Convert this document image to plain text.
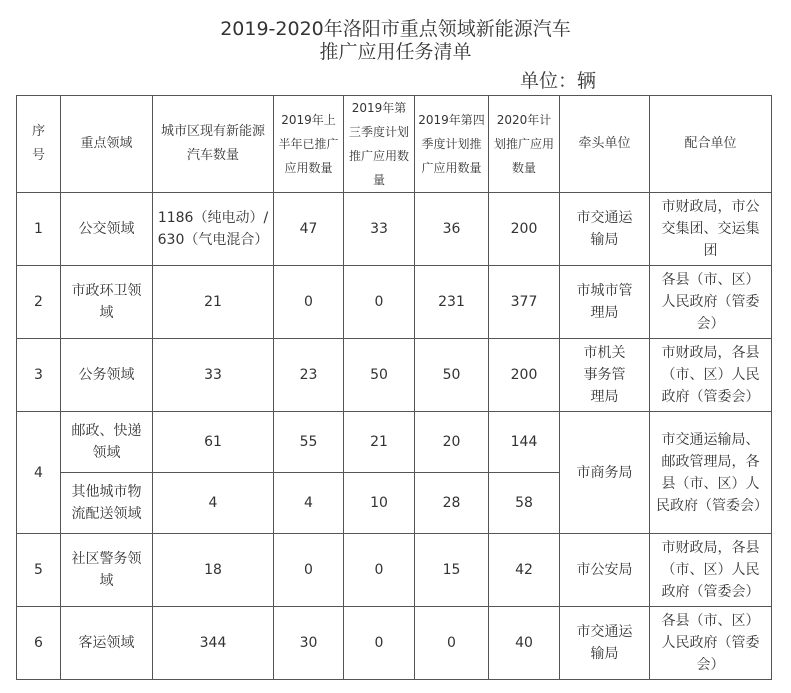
2019-2020年洛阳市重点领域新能源汽车
推广应用任务清单
单位：辆
序号	重点领域	城市区现有新能源汽车数量	2019年上半年已推广应用数量	2019年第三季度计划推广应用数量	2019年第四季度计划推广应用数量	2020年计划推广应用数量	牵头单位	配合单位
1	公交领域	1186（纯电动）/630（气电混合）	47	33	36	200	市交通运输局	市财政局，市公交集团、交运集团
2	市政环卫领域	21	0	0	231	377	市城市管理局	各县（市、区）人民政府（管委会）
3	公务领域	33	23	50	50	200	市机关事务管理局	市财政局，各县（市、区）人民政府（管委会）
4	邮政、快递领域	61	55	21	20	144	市商务局	市交通运输局、邮政管理局，各县（市、区）人民政府（管委会）
	其他城市物流配送领域	4	4	10	28	58		
5	社区警务领域	18	0	0	15	42	市公安局	市财政局，各县（市、区）人民政府（管委会）
6	客运领域	344	30	0	0	40	市交通运输局	各县（市、区）人民政府（管委会）
